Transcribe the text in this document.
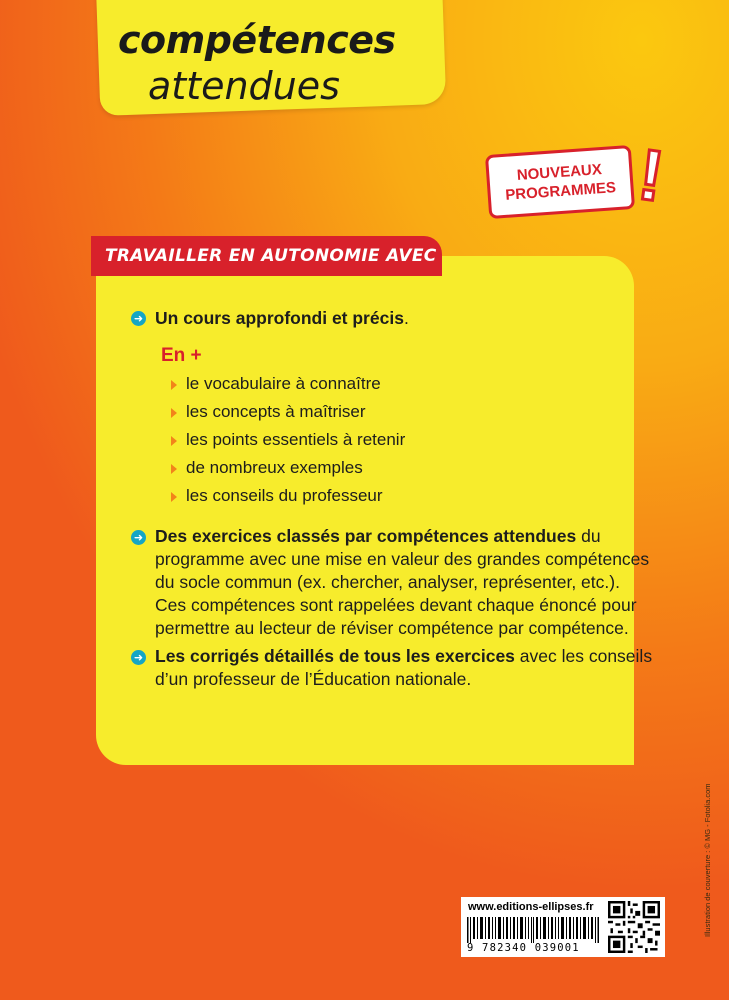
compétences
attendues
NOUVEAUX
PROGRAMMES !
TRAVAILLER EN AUTONOMIE AVEC
➜ Un cours approfondi et précis.
En +
le vocabulaire à connaître
les concepts à maîtriser
les points essentiels à retenir
de nombreux exemples
les conseils du professeur
➜ Des exercices classés par compétences attendues du
programme avec une mise en valeur des grandes compétences
du socle commun (ex. chercher, analyser, représenter, etc.).
Ces compétences sont rappelées devant chaque énoncé pour
permettre au lecteur de réviser compétence par compétence.
➜ Les corrigés détaillés de tous les exercices avec les conseils
d’un professeur de l’Éducation nationale.
www.editions-ellipses.fr
9 782340 039001
Illustration de couverture : © MG - Fotolia.com
